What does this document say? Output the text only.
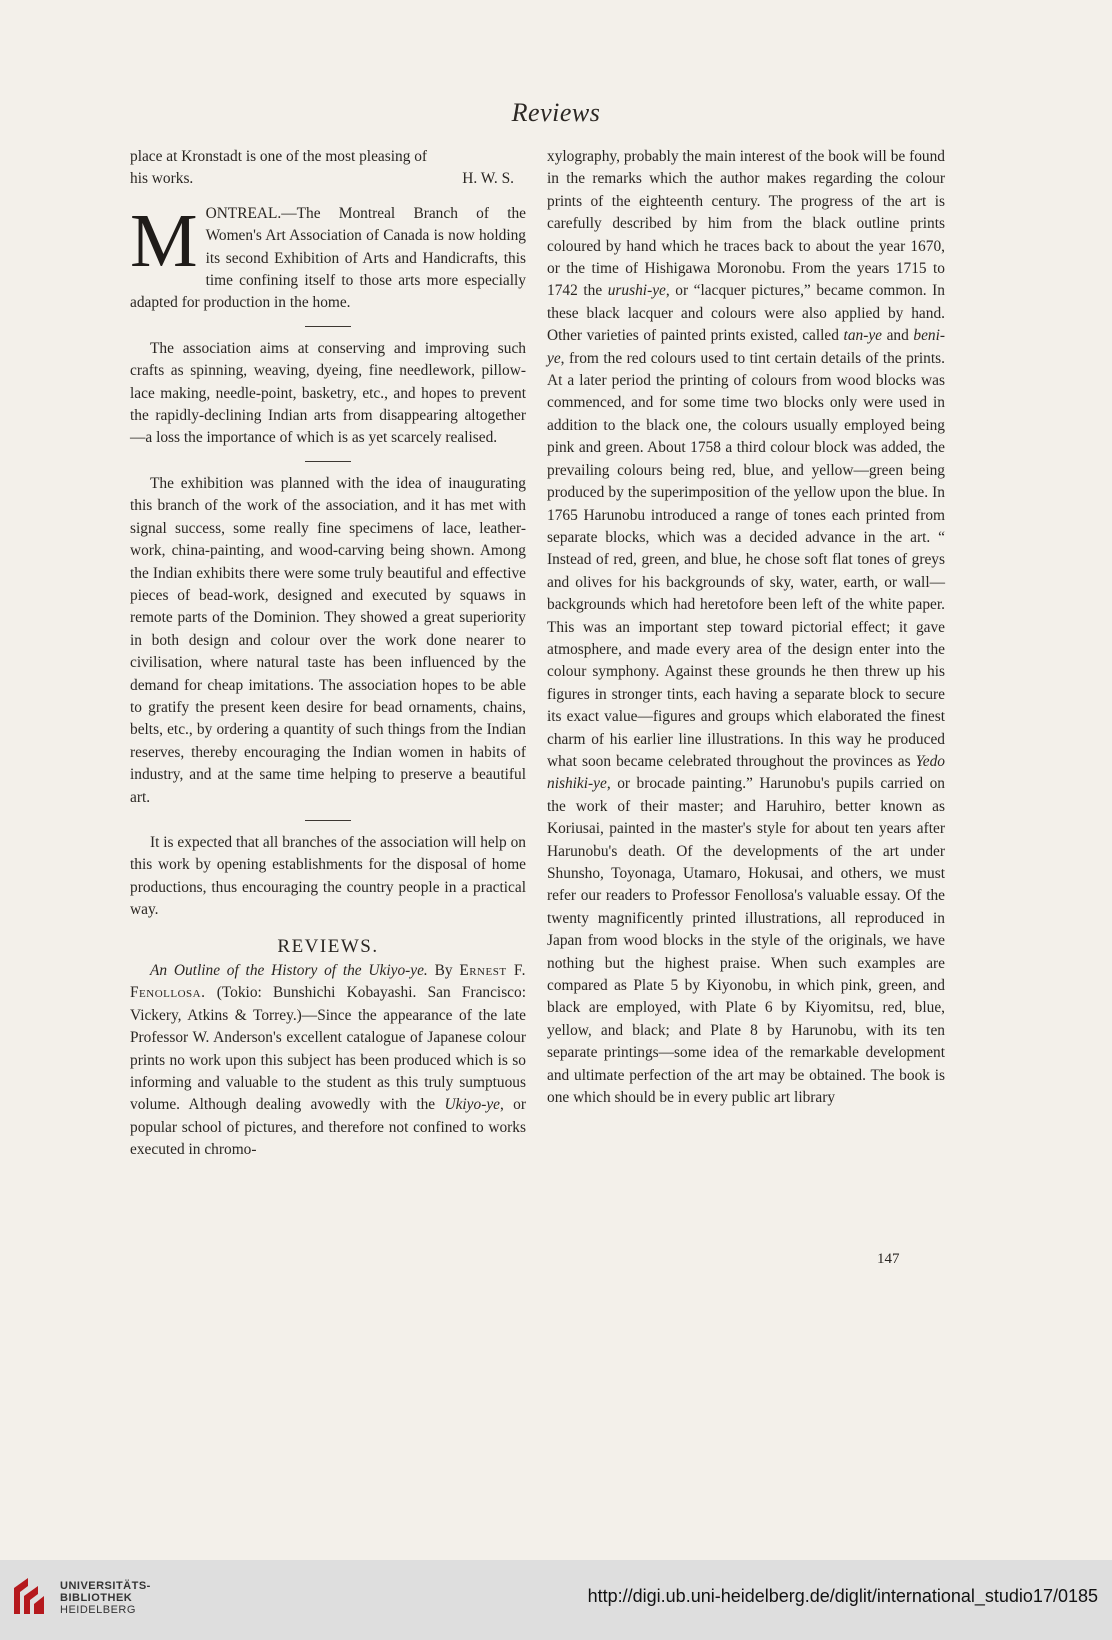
Reviews

place at Kronstadt is one of the most pleasing of

his works.	H. W. S.

MONTREAL.—The Montreal Branch of the Women's Art Association of Canada is now holding its second Exhibition of Arts and Handicrafts, this time confining itself to those arts more especially adapted for production in the home.

The association aims at conserving and improving such crafts as spinning, weaving, dyeing, fine needlework, pillow-lace making, needle-point, basketry, etc., and hopes to prevent the rapidly-declining Indian arts from disappearing altogether —a loss the importance of which is as yet scarcely realised.

The exhibition was planned with the idea of inaugurating this branch of the work of the association, and it has met with signal success, some really fine specimens of lace, leather-work, china-painting, and wood-carving being shown. Among the Indian exhibits there were some truly beautiful and effective pieces of bead-work, designed and executed by squaws in remote parts of the Dominion. They showed a great superiority in both design and colour over the work done nearer to civilisation, where natural taste has been influenced by the demand for cheap imitations. The association hopes to be able to gratify the present keen desire for bead ornaments, chains, belts, etc., by ordering a quantity of such things from the Indian reserves, thereby encouraging the Indian women in habits of industry, and at the same time helping to preserve a beautiful art.

It is expected that all branches of the association will help on this work by opening establishments for the disposal of home productions, thus encouraging the country people in a practical way.

REVIEWS.

An Outline of the History of the Ukiyo-ye. By Ernest F. Fenollosa. (Tokio: Bunshichi Kobayashi. San Francisco: Vickery, Atkins & Torrey.)—Since the appearance of the late Professor W. Anderson's excellent catalogue of Japanese colour prints no work upon this subject has been produced which is so informing and valuable to the student as this truly sumptuous volume. Although dealing avowedly with the Ukiyo-ye, or popular school of pictures, and therefore not confined to works executed in chromo-

xylography, probably the main interest of the book will be found in the remarks which the author makes regarding the colour prints of the eighteenth century. The progress of the art is carefully described by him from the black outline prints coloured by hand which he traces back to about the year 1670, or the time of Hishigawa Moronobu. From the years 1715 to 1742 the urushi-ye, or “lacquer pictures,” became common. In these black lacquer and colours were also applied by hand. Other varieties of painted prints existed, called tan-ye and beni-ye, from the red colours used to tint certain details of the prints. At a later period the printing of colours from wood blocks was commenced, and for some time two blocks only were used in addition to the black one, the colours usually employed being pink and green. About 1758 a third colour block was added, the prevailing colours being red, blue, and yellow—green being produced by the superimposition of the yellow upon the blue. In 1765 Harunobu introduced a range of tones each printed from separate blocks, which was a decided advance in the art. “ Instead of red, green, and blue, he chose soft flat tones of greys and olives for his backgrounds of sky, water, earth, or wall—backgrounds which had heretofore been left of the white paper. This was an important step toward pictorial effect; it gave atmosphere, and made every area of the design enter into the colour symphony. Against these grounds he then threw up his figures in stronger tints, each having a separate block to secure its exact value—figures and groups which elaborated the finest charm of his earlier line illustrations. In this way he produced what soon became celebrated throughout the provinces as Yedo nishiki-ye, or brocade painting.” Harunobu's pupils carried on the work of their master; and Haruhiro, better known as Koriusai, painted in the master's style for about ten years after Harunobu's death. Of the developments of the art under Shunsho, Toyonaga, Utamaro, Hokusai, and others, we must refer our readers to Professor Fenollosa's valuable essay. Of the twenty magnificently printed illustrations, all reproduced in Japan from wood blocks in the style of the originals, we have nothing but the highest praise. When such examples are compared as Plate 5 by Kiyonobu, in which pink, green, and black are employed, with Plate 6 by Kiyomitsu, red, blue, yellow, and black; and Plate 8 by Harunobu, with its ten separate printings—some idea of the remarkable development and ultimate perfection of the art may be obtained. The book is one which should be in every public art library

147
UNIVERSITÄTS-
BIBLIOTHEK
HEIDELBERG
http://digi.ub.uni-heidelberg.de/diglit/international_studio17/0185
